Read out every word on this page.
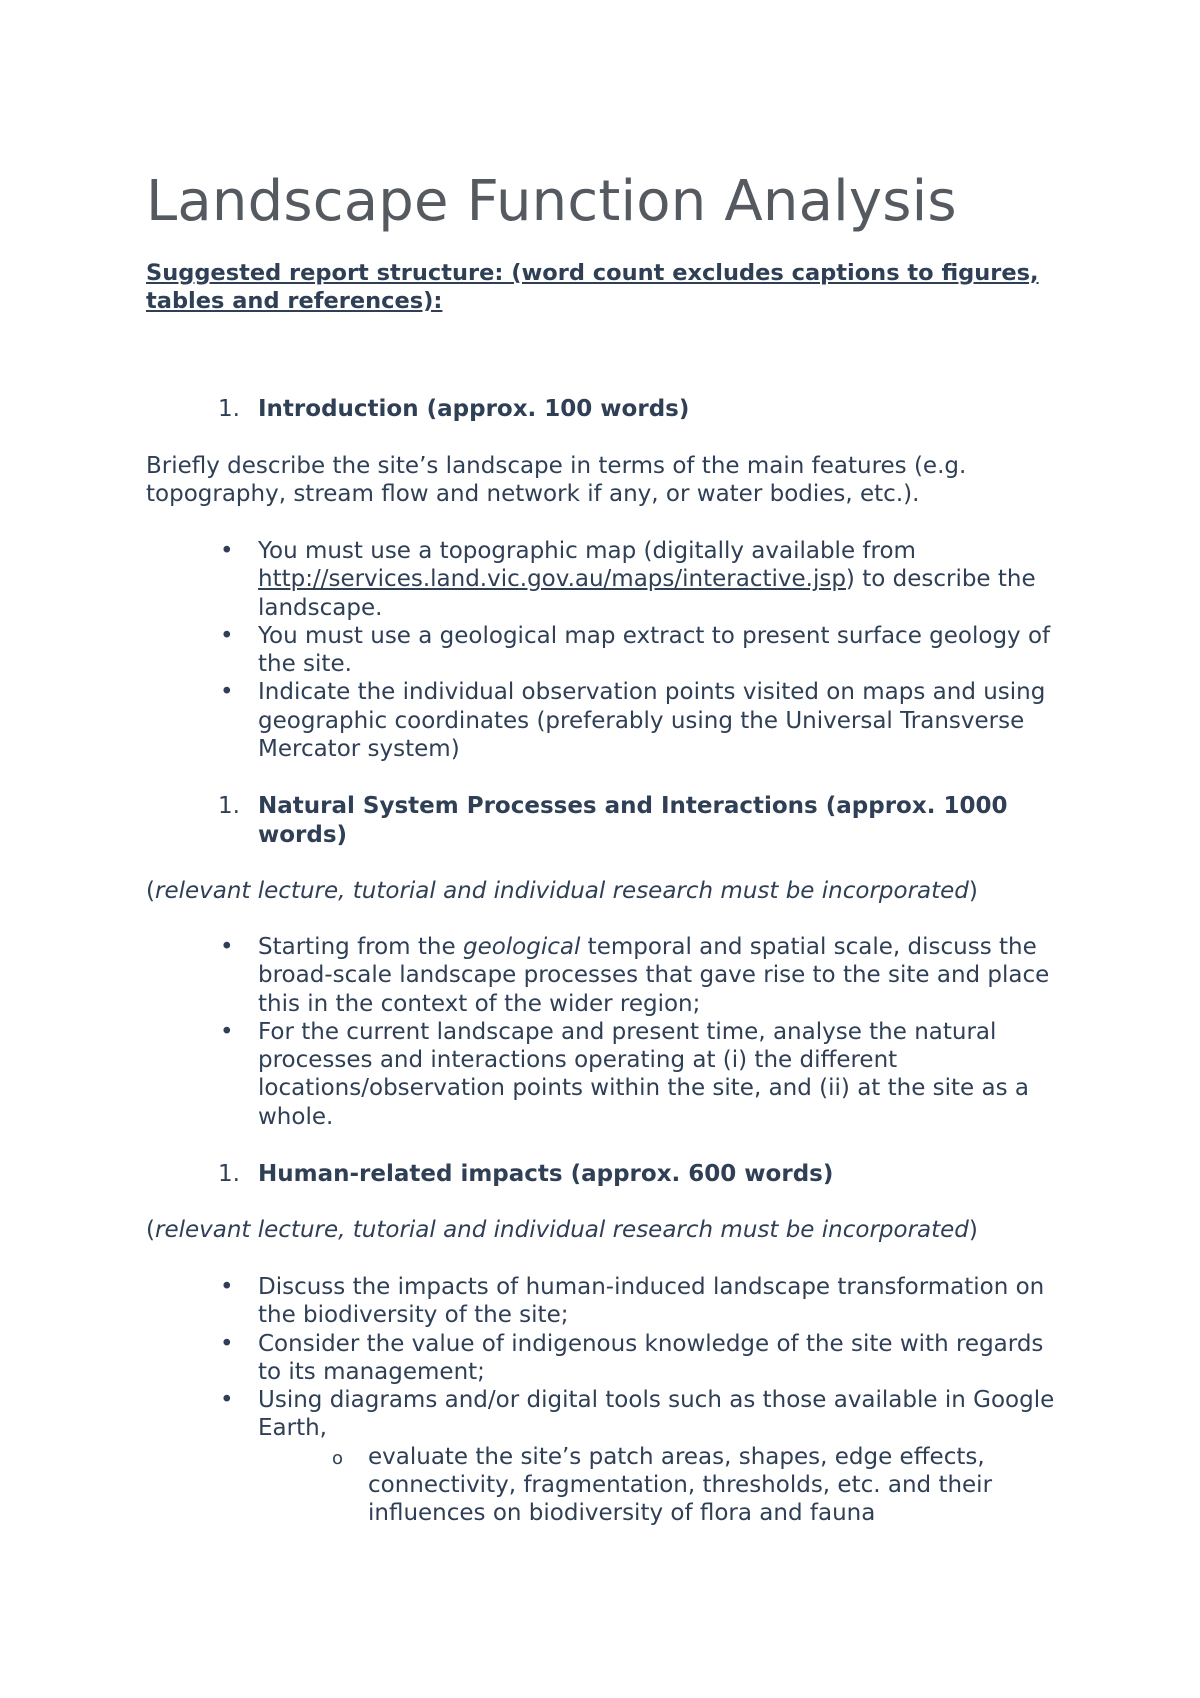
Landscape Function Analysis

Suggested report structure: (word count excludes captions to figures, tables and references):

1. Introduction (approx. 100 words)

Briefly describe the site’s landscape in terms of the main features (e.g. topography, stream flow and network if any, or water bodies, etc.).

• You must use a topographic map (digitally available from http://services.land.vic.gov.au/maps/interactive.jsp) to describe the landscape.
• You must use a geological map extract to present surface geology of the site.
• Indicate the individual observation points visited on maps and using geographic coordinates (preferably using the Universal Transverse Mercator system)
1. Natural System Processes and Interactions (approx. 1000 words)

(relevant lecture, tutorial and individual research must be incorporated)

• Starting from the geological temporal and spatial scale, discuss the broad-scale landscape processes that gave rise to the site and place this in the context of the wider region;
• For the current landscape and present time, analyse the natural processes and interactions operating at (i) the different locations/observation points within the site, and (ii) at the site as a whole.
1. Human-related impacts (approx. 600 words)

(relevant lecture, tutorial and individual research must be incorporated)

• Discuss the impacts of human-induced landscape transformation on the biodiversity of the site;
• Consider the value of indigenous knowledge of the site with regards to its management;
• Using diagrams and/or digital tools such as those available in Google Earth,
o evaluate the site’s patch areas, shapes, edge effects, connectivity, fragmentation, thresholds, etc. and their influences on biodiversity of flora and fauna
